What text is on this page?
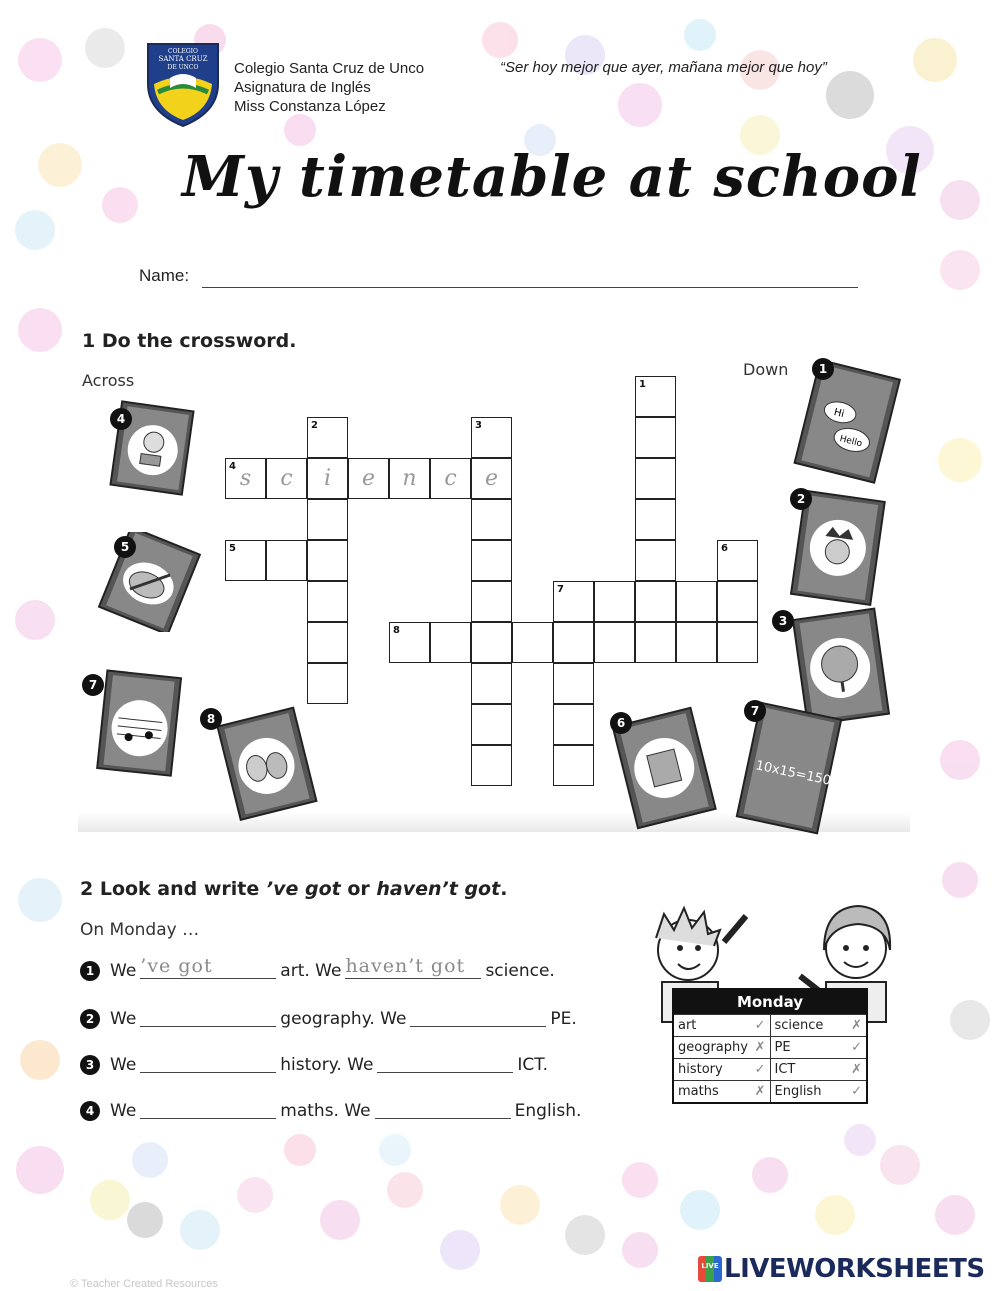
COLEGIO
SANTA CRUZ
DE UNCO Colegio Santa Cruz de Unco
Asignatura de Inglés
Miss Constanza López
“Ser hoy mejor que ayer, mañana mejor que hoy”
My timetable at school
Name:
1 Do the crossword.
Across
Down
1
2
i
3
e
4 s	c	e	n	c
5	6
7
8
4
5
7
8
Hi
Hello
1
2
3
6
10x15=150
7
2 Look and write ’ve got or haven’t got.
On Monday …
1 We ’ve got	art. We haven’t got science.
2 We	geography. We	PE.
3 We	history. We	ICT.
4 We	maths. We	English.
Monday
art	✓ science ✗
geography ✗ PE	✓
history ✓ ICT	✗
maths	✗ English ✓
© Teacher Created Resources
LIVE LIVEWORKSHEETS
